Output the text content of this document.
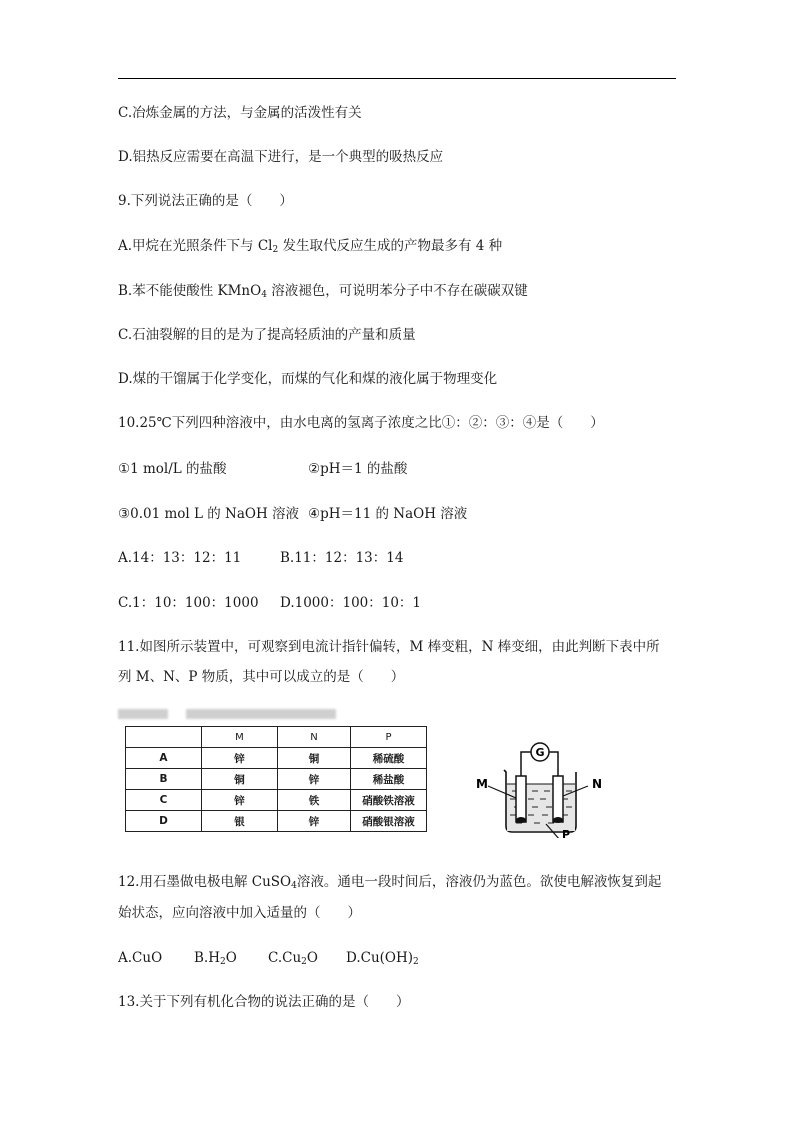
C.冶炼金属的方法，与金属的活泼性有关
D.铝热反应需要在高温下进行，是一个典型的吸热反应
9.下列说法正确的是（　　）
A.甲烷在光照条件下与 $Cl_2$ 发生取代反应生成的产物最多有 4 种
B.苯不能使酸性 KMnO$_4$ 溶液褪色，可说明苯分子中不存在碳碳双键
C.石油裂解的目的是为了提高轻质油的产量和质量
D.煤的干馏属于化学变化，而煤的气化和煤的液化属于物理变化
10.25℃下列四种溶液中，由水电离的氢离子浓度之比①：②：③：④是（　　）
①1 mol/L 的盐酸	②pH＝1 的盐酸
③0.01 mol L 的 NaOH 溶液 ④pH＝11 的 NaOH 溶液
A.14：13：12：11	B.11：12：13：14
C.1：10：100：1000 D.1000：100：10：1
11.如图所示装置中，可观察到电流计指针偏转，M 棒变粗，N 棒变细，由此判断下表中所
列 M、N、P 物质，其中可以成立的是（　　）
	M	N	P
A	锌	铜	稀硫酸
B	铜	锌	稀盐酸
C	锌	铁	硝酸铁溶液
D	银	锌	硝酸银溶液
G
M	N
P
12.用石墨做电极电解 CuSO$_4$溶液。通电一段时间后，溶液仍为蓝色。欲使电解液恢复到起
始状态，应向溶液中加入适量的（　　）
A.CuO $B.H_2O$ $C.Cu_2O$ $D.Cu(OH)_2$
13.关于下列有机化合物的说法正确的是（　　）
